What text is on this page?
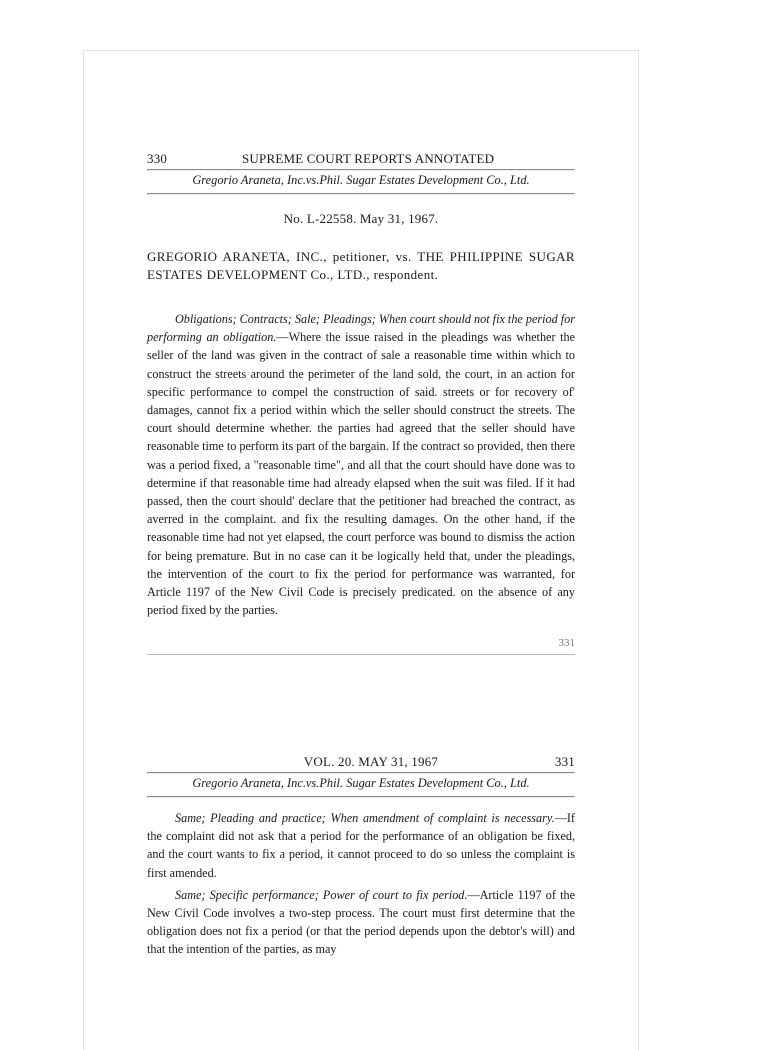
330	SUPREME COURT REPORTS ANNOTATED
Gregorio Araneta, Inc.vs.Phil. Sugar Estates Development Co., Ltd.
No. L-22558. May 31, 1967.
GREGORIO ARANETA, INC., petitioner, vs. THE PHILIPPINE SUGAR ESTATES DEVELOPMENT Co., LTD., respondent.

Obligations; Contracts; Sale; Pleadings; When court should not fix the period for performing an obligation.—Where the issue raised in the pleadings was whether the seller of the land was given in the contract of sale a reasonable time within which to construct the streets around the perimeter of the land sold, the court, in an action for specific performance to compel the construction of said. streets or for recovery of' damages, cannot fix a period within which the seller should construct the streets. The court should determine whether. the parties had agreed that the seller should have reasonable time to perform its part of the bargain. If the contract so provided, then there was a period fixed, a "reasonable time", and all that the court should have done was to determine if that reasonable time had already elapsed when the suit was filed. If it had passed, then the court should' declare that the petitioner had breached the contract, as averred in the complaint. and fix the resulting damages. On the other hand, if the reasonable time had not yet elapsed, the court perforce was bound to dismiss the action for being premature. But in no case can it be logically held that, under the pleadings, the intervention of the court to fix the period for performance was warranted, for Article 1197 of the New Civil Code is precisely predicated. on the absence of any period fixed by the parties.

331
VOL. 20. MAY 31, 1967	331
Gregorio Araneta, Inc.vs.Phil. Sugar Estates Development Co., Ltd.

Same; Pleading and practice; When amendment of complaint is necessary.—If the complaint did not ask that a period for the performance of an obligation be fixed, and the court wants to fix a period, it cannot proceed to do so unless the complaint is first amended.

Same; Specific performance; Power of court to fix period.—Article 1197 of the New Civil Code involves a two-step process. The court must first determine that the obligation does not fix a period (or that the period depends upon the debtor's will) and that the intention of the parties, as may
